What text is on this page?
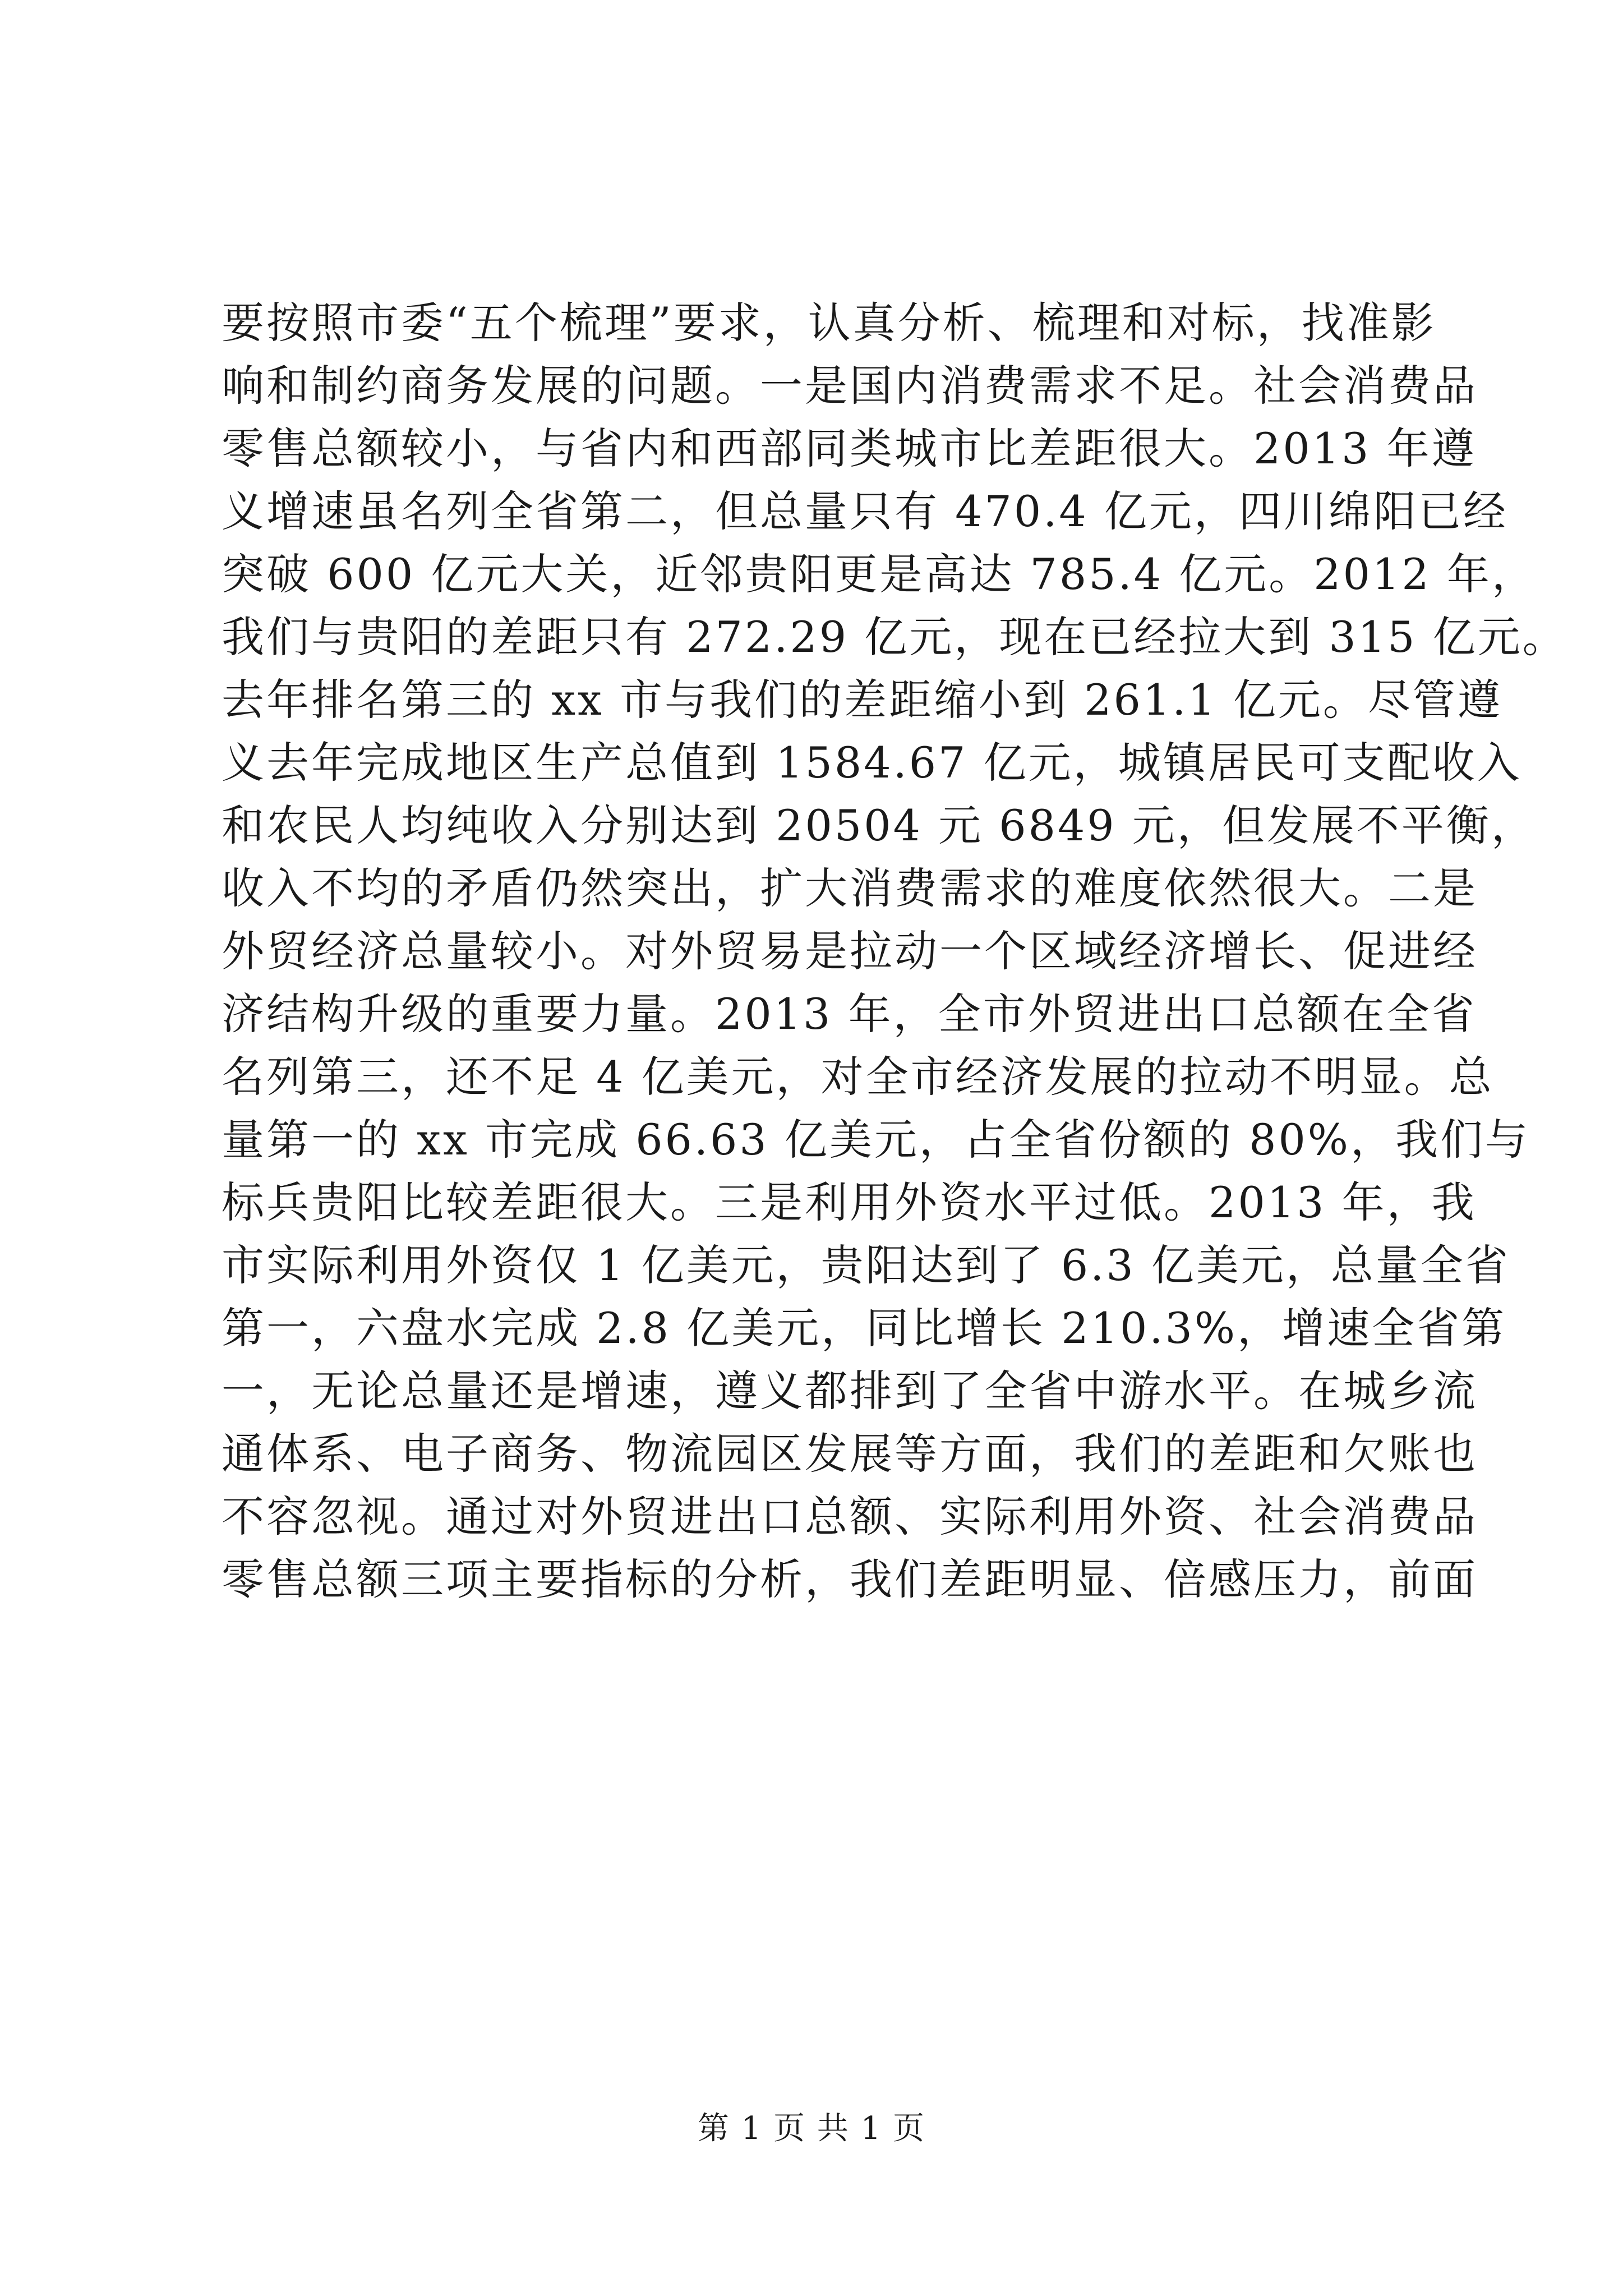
要按照市委“五个梳理”要求，认真分析、梳理和对标，找准影
响和制约商务发展的问题。一是国内消费需求不足。社会消费品
零售总额较小，与省内和西部同类城市比差距很大。2013 年遵
义增速虽名列全省第二，但总量只有 470.4 亿元，四川绵阳已经
突破 600 亿元大关，近邻贵阳更是高达 785.4 亿元。2012 年，
我们与贵阳的差距只有 272.29 亿元，现在已经拉大到 315 亿元。
去年排名第三的 xx 市与我们的差距缩小到 261.1 亿元。尽管遵
义去年完成地区生产总值到 1584.67 亿元，城镇居民可支配收入
和农民人均纯收入分别达到 20504 元 6849 元，但发展不平衡，
收入不均的矛盾仍然突出，扩大消费需求的难度依然很大。二是
外贸经济总量较小。对外贸易是拉动一个区域经济增长、促进经
济结构升级的重要力量。2013 年，全市外贸进出口总额在全省
名列第三，还不足 4 亿美元，对全市经济发展的拉动不明显。总
量第一的 xx 市完成 66.63 亿美元，占全省份额的 80%，我们与
标兵贵阳比较差距很大。三是利用外资水平过低。2013 年，我
市实际利用外资仅 1 亿美元，贵阳达到了 6.3 亿美元，总量全省
第一，六盘水完成 2.8 亿美元，同比增长 210.3%，增速全省第
一，无论总量还是增速，遵义都排到了全省中游水平。在城乡流
通体系、电子商务、物流园区发展等方面，我们的差距和欠账也
不容忽视。通过对外贸进出口总额、实际利用外资、社会消费品
零售总额三项主要指标的分析，我们差距明显、倍感压力，前面
第 1 页 共 1 页
